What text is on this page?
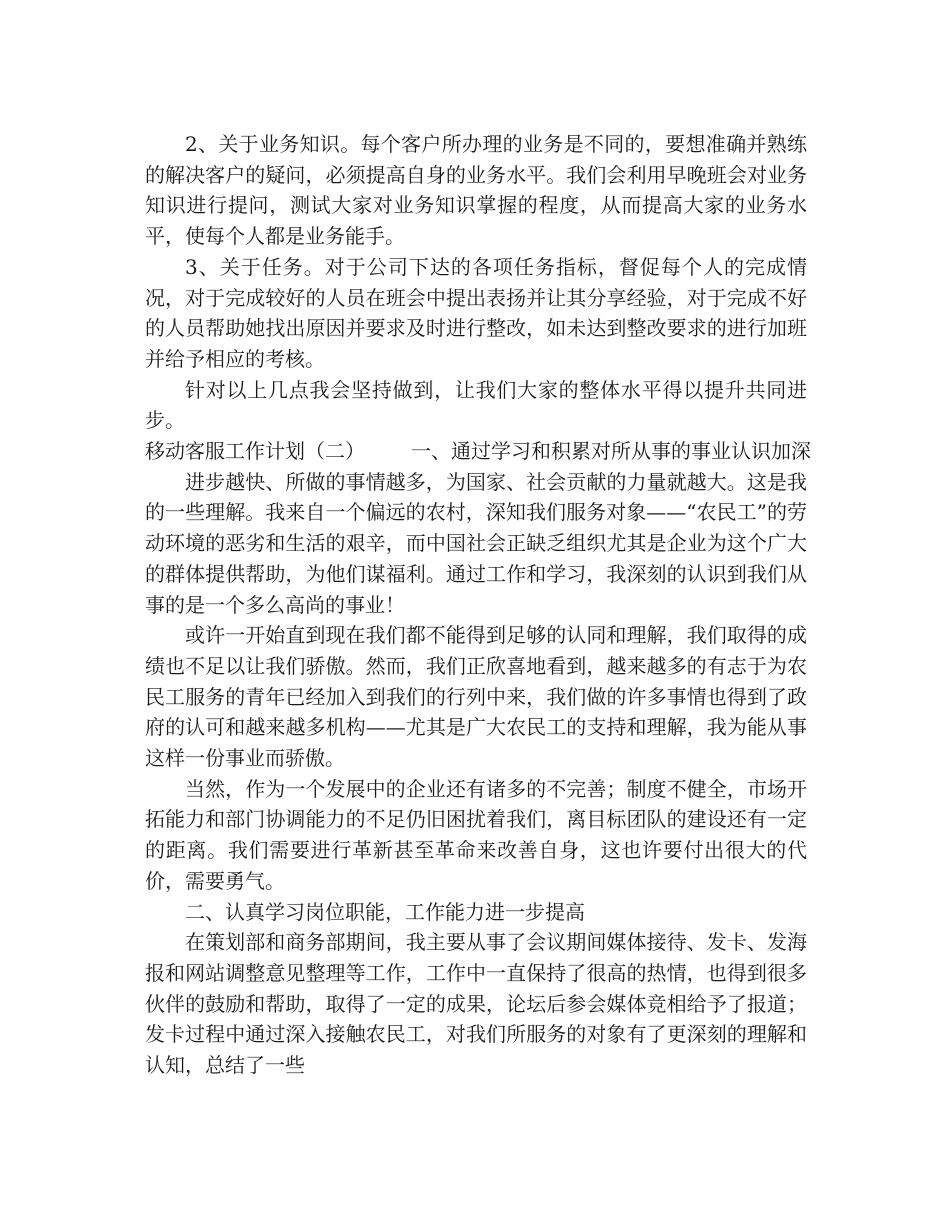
2、关于业务知识。每个客户所办理的业务是不同的，要想准确并熟练的解决客户的疑问，必须提高自身的业务水平。我们会利用早晚班会对业务知识进行提问，测试大家对业务知识掌握的程度，从而提高大家的业务水平，使每个人都是业务能手。

3、关于任务。对于公司下达的各项任务指标，督促每个人的完成情况，对于完成较好的人员在班会中提出表扬并让其分享经验，对于完成不好的人员帮助她找出原因并要求及时进行整改，如未达到整改要求的进行加班并给予相应的考核。

针对以上几点我会坚持做到，让我们大家的整体水平得以提升共同进步。

移动客服工作计划（二） 一、通过学习和积累对所从事的事业认识加深

进步越快、所做的事情越多，为国家、社会贡献的力量就越大。这是我的一些理解。我来自一个偏远的农村，深知我们服务对象——“农民工”的劳动环境的恶劣和生活的艰辛，而中国社会正缺乏组织尤其是企业为这个广大的群体提供帮助，为他们谋福利。通过工作和学习，我深刻的认识到我们从事的是一个多么高尚的事业！

或许一开始直到现在我们都不能得到足够的认同和理解，我们取得的成绩也不足以让我们骄傲。然而，我们正欣喜地看到，越来越多的有志于为农民工服务的青年已经加入到我们的行列中来，我们做的许多事情也得到了政府的认可和越来越多机构——尤其是广大农民工的支持和理解，我为能从事这样一份事业而骄傲。

当然，作为一个发展中的企业还有诸多的不完善；制度不健全，市场开拓能力和部门协调能力的不足仍旧困扰着我们，离目标团队的建设还有一定的距离。我们需要进行革新甚至革命来改善自身，这也许要付出很大的代价，需要勇气。

二、认真学习岗位职能，工作能力进一步提高

在策划部和商务部期间，我主要从事了会议期间媒体接待、发卡、发海报和网站调整意见整理等工作，工作中一直保持了很高的热情，也得到很多伙伴的鼓励和帮助，取得了一定的成果，论坛后参会媒体竞相给予了报道；发卡过程中通过深入接触农民工，对我们所服务的对象有了更深刻的理解和认知，总结了一些
